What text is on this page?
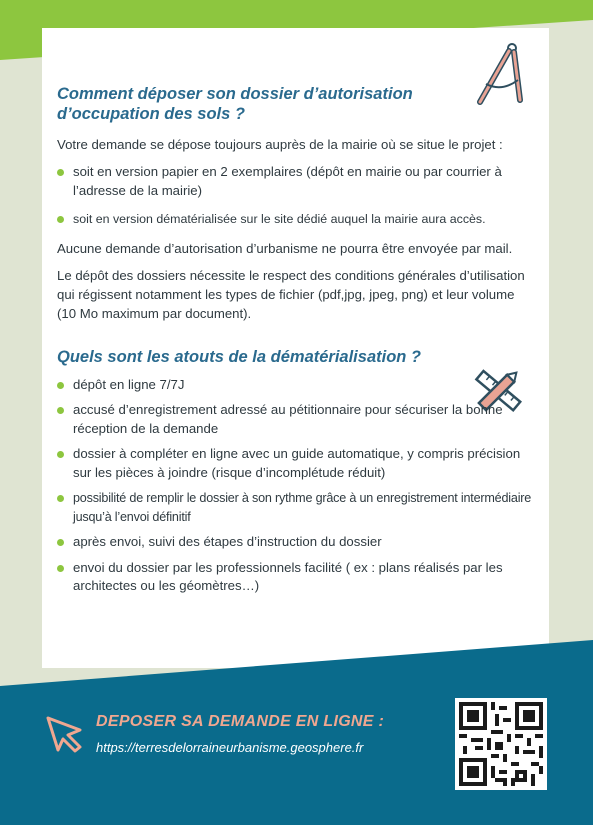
Comment déposer son dossier d’autorisation
d’occupation des sols ?

Votre demande se dépose toujours auprès de la mairie où se situe le projet :

soit en version papier en 2 exemplaires (dépôt en mairie ou par courrier à l’adresse de la mairie)
soit en version dématérialisée sur le site dédié auquel la mairie aura accès.

Aucune demande d’autorisation d’urbanisme ne pourra être envoyée par mail.

Le dépôt des dossiers nécessite le respect des conditions générales d’utilisation qui régissent notamment les types de fichier (pdf,jpg, jpeg, png) et leur volume (10 Mo maximum par document).

Quels sont les atouts de la dématérialisation ?
dépôt en ligne 7/7J
accusé d’enregistrement adressé au pétitionnaire pour sécuriser la bonne réception de la demande
dossier à compléter en ligne avec un guide automatique, y compris précision sur les pièces à joindre (risque d’incomplétude réduit)
possibilité de remplir le dossier à son rythme grâce à un enregistrement intermédiaire jusqu’à l’envoi définitif
après envoi, suivi des étapes d’instruction du dossier
envoi du dossier par les professionnels facilité ( ex : plans réalisés par les architectes ou les géomètres…)
DEPOSER SA DEMANDE EN LIGNE :
https://terresdelorraineurbanisme.geosphere.fr
